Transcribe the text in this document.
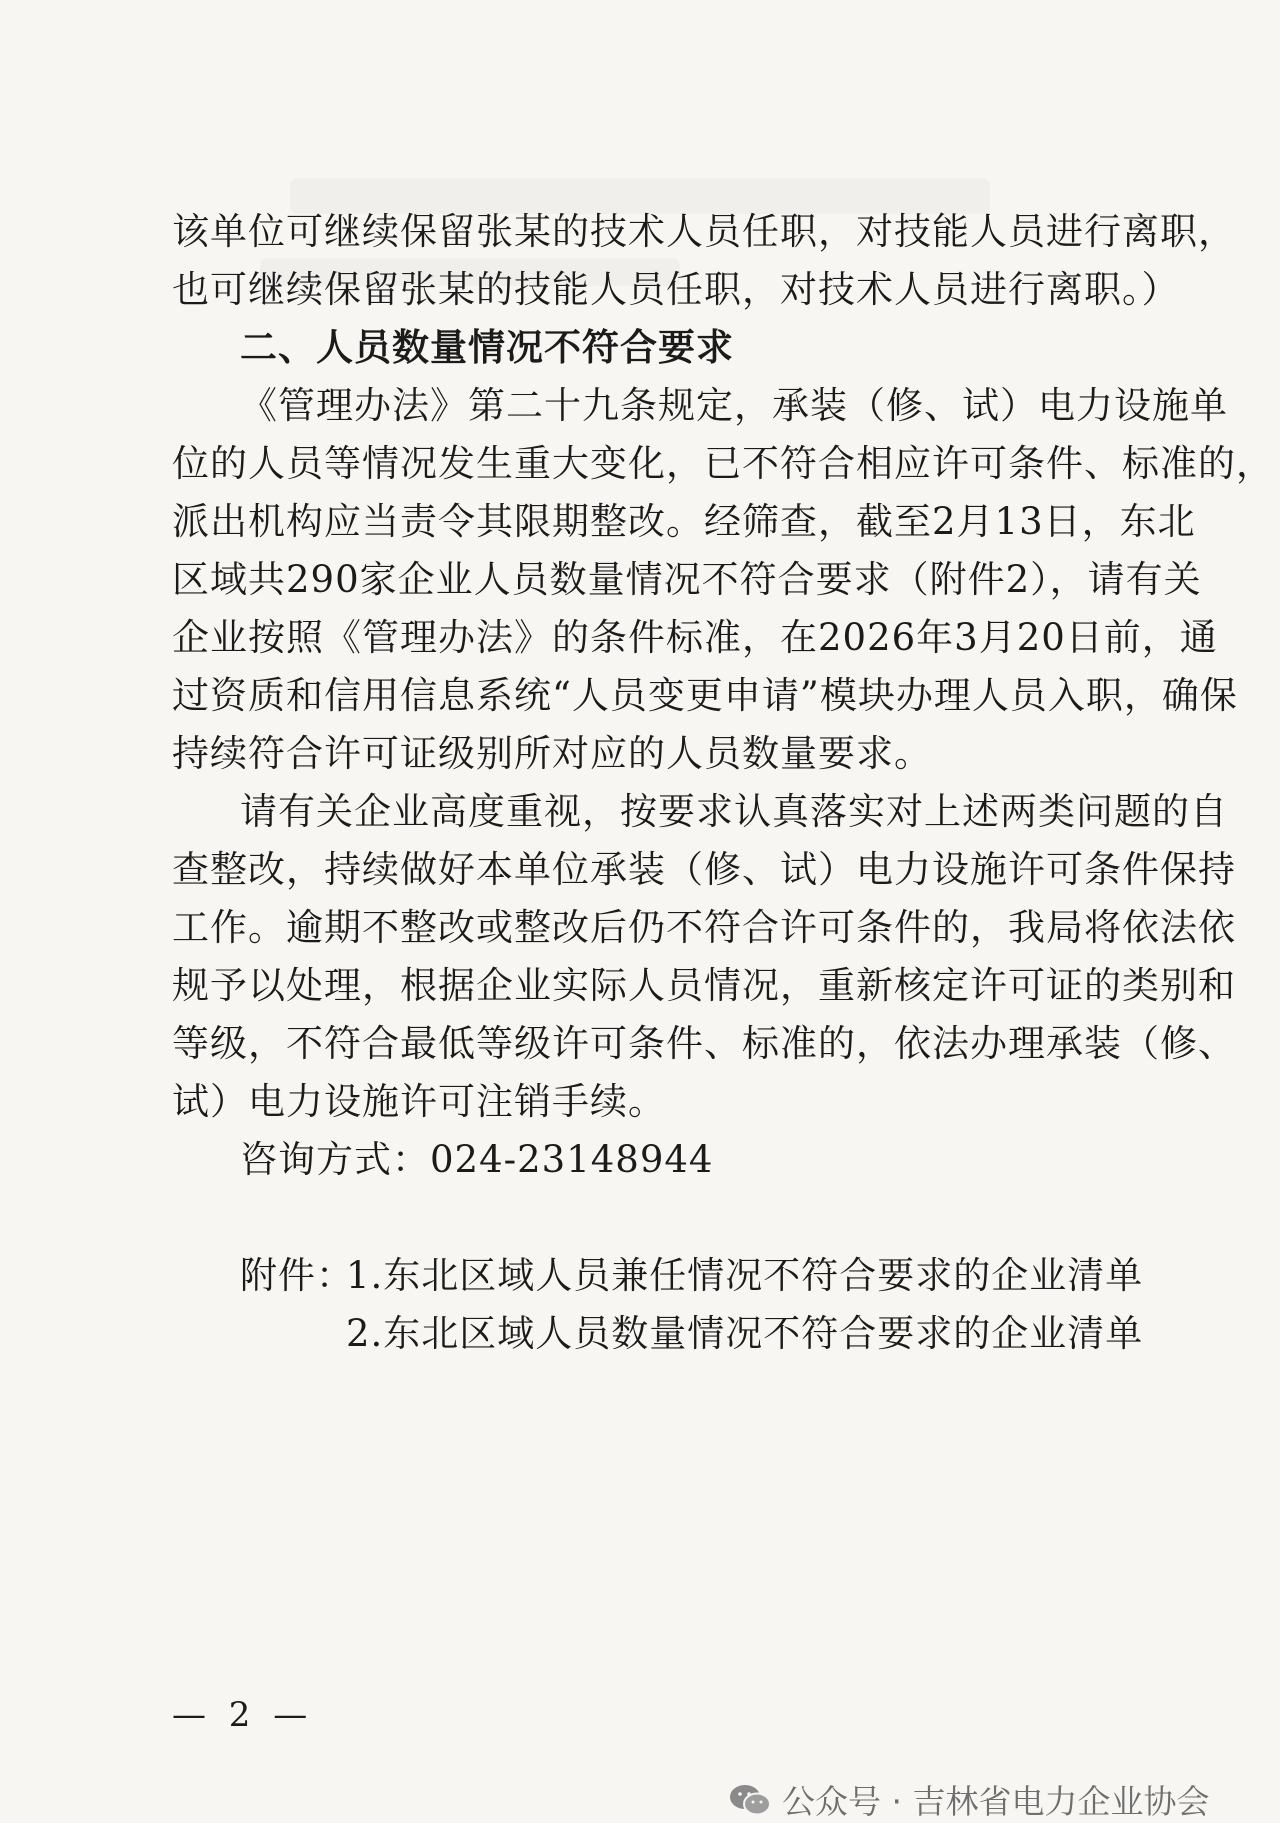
该单位可继续保留张某的技术人员任职，对技能人员进行离职，
也可继续保留张某的技能人员任职，对技术人员进行离职。）
二、人员数量情况不符合要求
《管理办法》第二十九条规定，承装（修、试）电力设施单
位的人员等情况发生重大变化，已不符合相应许可条件、标准的，
派出机构应当责令其限期整改。经筛查，截至2月13日，东北
区域共290家企业人员数量情况不符合要求（附件2），请有关
企业按照《管理办法》的条件标准，在2026年3月20日前，通
过资质和信用信息系统“人员变更申请”模块办理人员入职，确保
持续符合许可证级别所对应的人员数量要求。
请有关企业高度重视，按要求认真落实对上述两类问题的自
查整改，持续做好本单位承装（修、试）电力设施许可条件保持
工作。逾期不整改或整改后仍不符合许可条件的，我局将依法依
规予以处理，根据企业实际人员情况，重新核定许可证的类别和
等级，不符合最低等级许可条件、标准的，依法办理承装（修、
试）电力设施许可注销手续。
咨询方式：024-23148944
附件：
1.东北区域人员兼任情况不符合要求的企业清单
2.东北区域人员数量情况不符合要求的企业清单
— 2 —
公众号 · 吉林省电力企业协会
